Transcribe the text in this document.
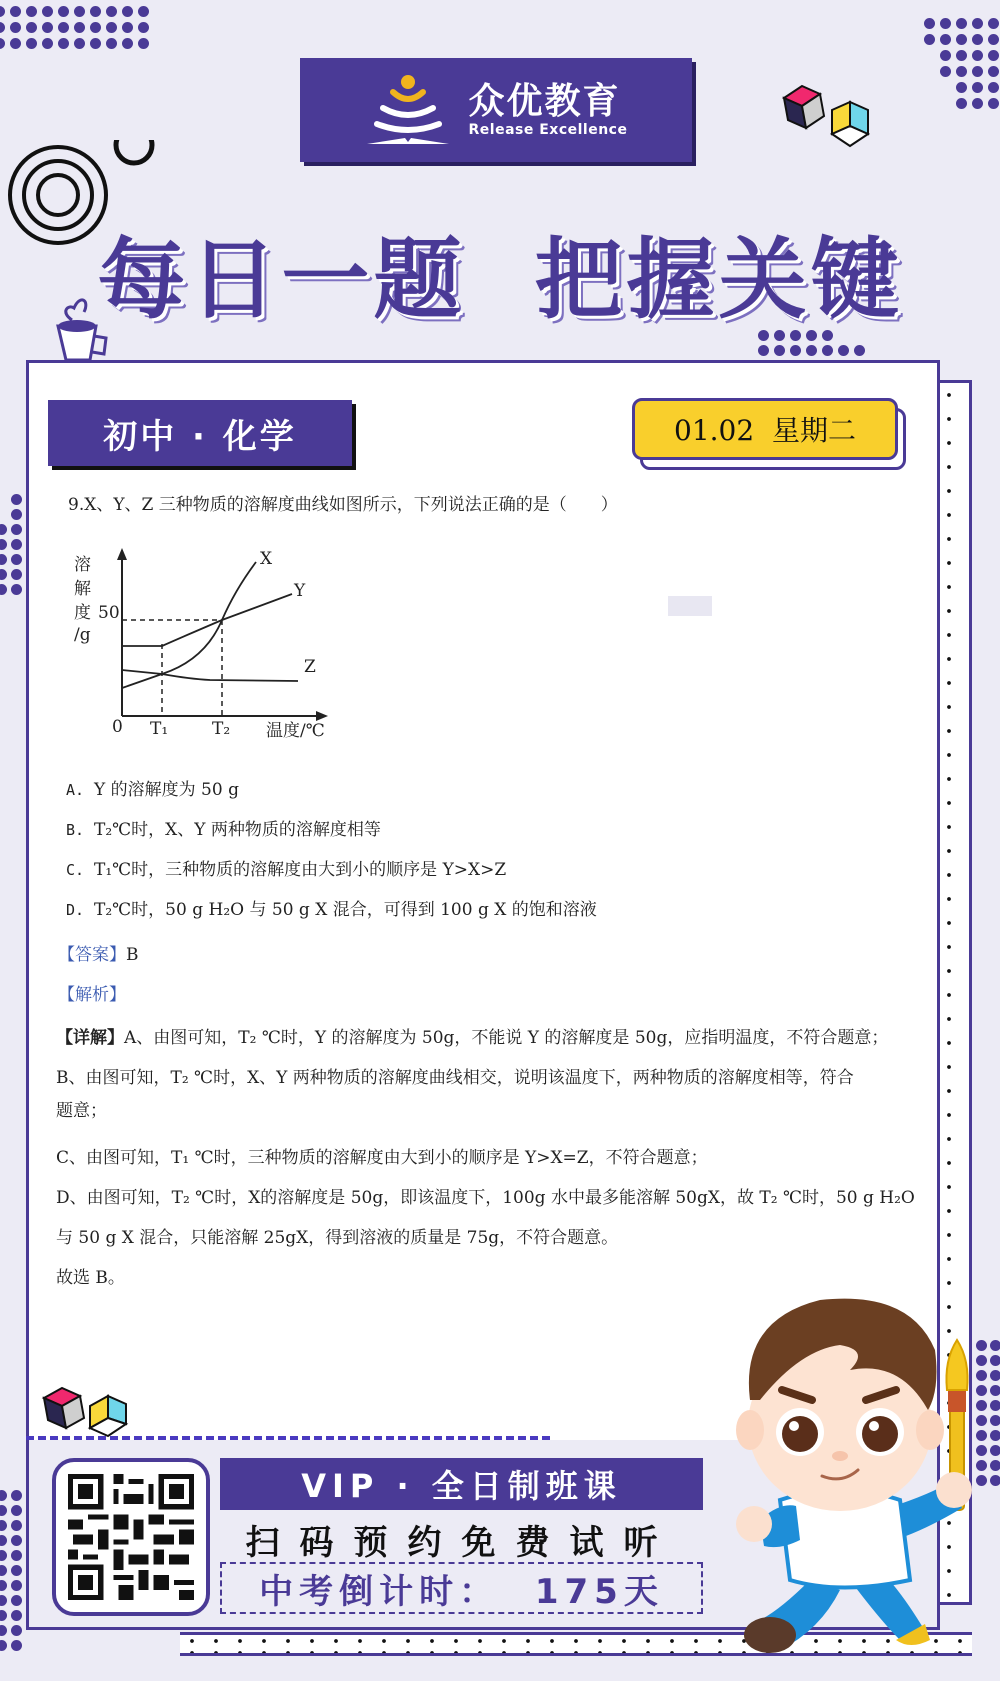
众优教育
Release Excellence
每日一题  把握关键
初中 · 化学	01.02  星期二
9.X、Y、Z 三种物质的溶解度曲线如图所示，下列说法正确的是（　　）
溶
解
度 50
/g
0 T₁	T₂ 温度/℃
X
Y
Z
A. Y 的溶解度为 50 g
B. T₂℃时，X、Y 两种物质的溶解度相等
C. T₁℃时，三种物质的溶解度由大到小的顺序是 Y>X>Z
D. T₂℃时，50 g H₂O 与 50 g X 混合，可得到 100 g X 的饱和溶液
【答案】B
【解析】

【详解】A、由图可知，T₂ ℃时，Y 的溶解度为 50g，不能说 Y 的溶解度是 50g，应指明温度，不符合题意；

B、由图可知，T₂ ℃时，X、Y 两种物质的溶解度曲线相交，说明该温度下，两种物质的溶解度相等，符合

题意；

C、由图可知，T₁ ℃时，三种物质的溶解度由大到小的顺序是 Y>X=Z，不符合题意；

D、由图可知，T₂ ℃时，X的溶解度是 50g，即该温度下，100g 水中最多能溶解 50gX，故 T₂ ℃时，50 g H₂O

与 50 g X 混合，只能溶解 25gX，得到溶液的质量是 75g，不符合题意。

故选 B。

VIP · 全日制班课
扫码预约免费试听
中考倒计时：  175天
